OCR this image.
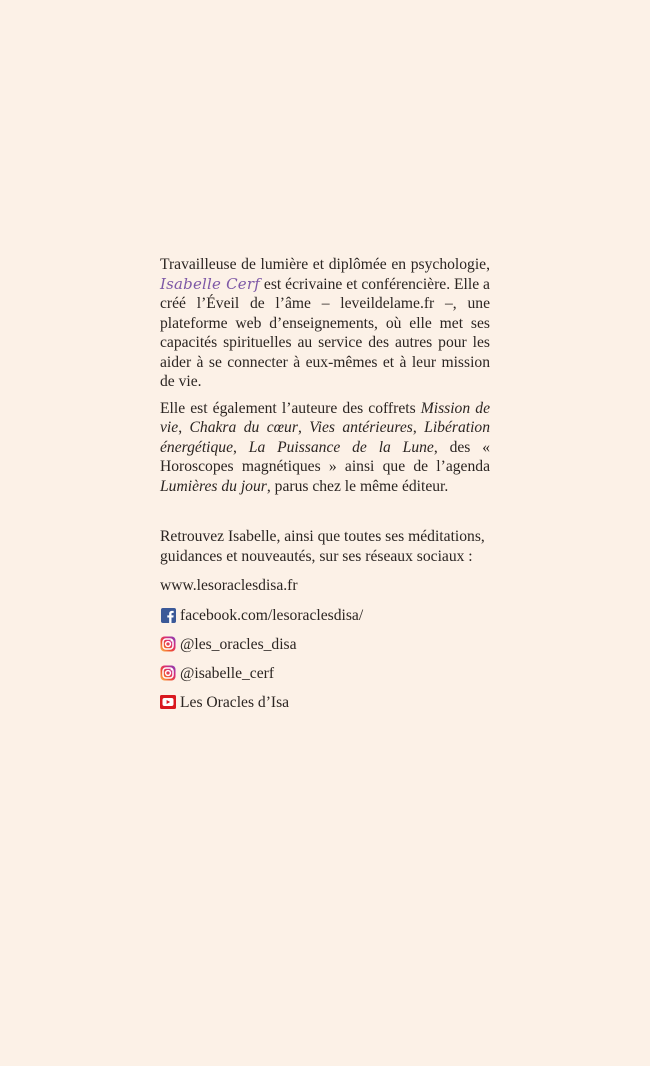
Travailleuse de lumière et diplômée en psychologie, Isabelle Cerf est écrivaine et conférencière. Elle a créé l’Éveil de l’âme – leveildelame.fr –, une plateforme web d’enseignements, où elle met ses capacités spirituelles au service des autres pour les aider à se connecter à eux-mêmes et à leur mission de vie.

Elle est également l’auteure des coffrets Mission de vie, Chakra du cœur, Vies antérieures, Libération énergétique, La Puissance de la Lune, des « Horoscopes magnétiques » ainsi que de l’agenda Lumières du jour, parus chez le même éditeur.

Retrouvez Isabelle, ainsi que toutes ses méditations, guidances et nouveautés, sur ses réseaux sociaux :

www.lesoraclesdisa.fr

facebook.com/lesoraclesdisa/
@les_oracles_disa
@isabelle_cerf
Les Oracles d’Isa
